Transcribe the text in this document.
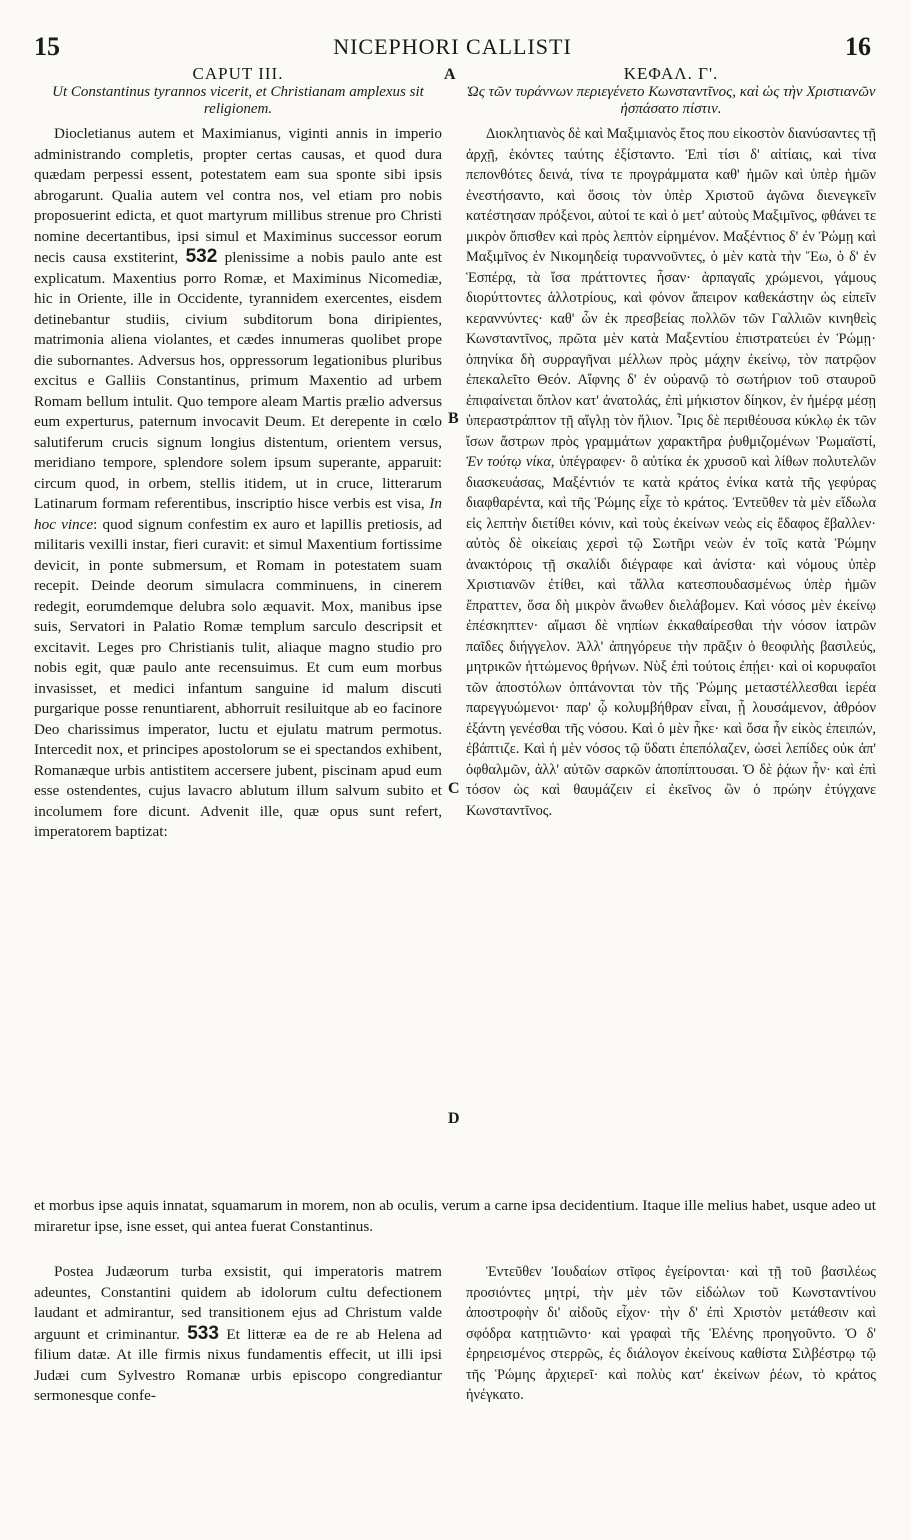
15	NICEPHORI CALLISTI	16
A
B
C
D

CAPUT III.

Ut Constantinus tyrannos vicerit, et Christianam amplexus sit religionem.

Diocletianus autem et Maximianus, viginti annis in imperio administrando completis, propter certas causas, et quod dura quædam perpessi essent, potestatem eam sua sponte sibi ipsis abrogarunt. Qualia autem vel contra nos, vel etiam pro nobis proposuerint edicta, et quot martyrum millibus strenue pro Christi nomine decertantibus, ipsi simul et Maximinus successor eorum necis causa exstiterint, 532 plenissime a nobis paulo ante est explicatum. Maxentius porro Romæ, et Maximinus Nicomediæ, hic in Oriente, ille in Occidente, tyrannidem exercentes, eisdem detinebantur studiis, civium subditorum bona diripientes, matrimonia aliena violantes, et cædes innumeras quolibet prope die subornantes. Adversus hos, oppressorum legationibus pluribus excitus e Galliis Constantinus, primum Maxentio ad urbem Romam bellum intulit. Quo tempore aleam Martis prælio adversus eum experturus, paternum invocavit Deum. Et derepente in cœlo salutiferum crucis signum longius distentum, orientem versus, meridiano tempore, splendore solem ipsum superante, apparuit: circum quod, in orbem, stellis itidem, ut in cruce, litterarum Latinarum formam referentibus, inscriptio hisce verbis est visa, In hoc vince: quod signum confestim ex auro et lapillis pretiosis, ad militaris vexilli instar, fieri curavit: et simul Maxentium fortissime devicit, in ponte submersum, et Romam in potestatem suam recepit. Deinde deorum simulacra comminuens, in cinerem redegit, eorumdemque delubra solo æquavit. Mox, manibus ipse suis, Servatori in Palatio Romæ templum sarculo descripsit et excitavit. Leges pro Christianis tulit, aliaque magno studio pro nobis egit, quæ paulo ante recensuimus. Et cum eum morbus invasisset, et medici infantum sanguine id malum discuti purgarique posse renuntiarent, abhorruit resiluitque ab eo facinore Deo charissimus imperator, luctu et ejulatu matrum permotus. Intercedit nox, et principes apostolorum se ei spectandos exhibent, Romanæque urbis antistitem accersere jubent, piscinam apud eum esse ostendentes, cujus lavacro ablutum illum salvum subito et incolumem fore dicunt. Advenit ille, quæ opus sunt refert, imperatorem baptizat:

ΚΕΦΑΛ. Γ'.

Ὡς τῶν τυράννων περιεγένετο Κωνσταντῖνος, καὶ ὡς τὴν Χριστιανῶν ἠσπάσατο πίστιν.

Διοκλητιανὸς δὲ καὶ Μαξιμιανὸς ἔτος που εἰκοστὸν διανύσαντες τῇ ἀρχῇ, ἑκόντες ταύτης ἐξίσταντο. Ἐπὶ τίσι δ' αἰτίαις, καὶ τίνα πεπονθότες δεινά, τίνα τε προγράμματα καθ' ἡμῶν καὶ ὑπὲρ ἡμῶν ἐνεστήσαντο, καὶ ὅσοις τὸν ὑπὲρ Χριστοῦ ἀγῶνα διενεγκεῖν κατέστησαν πρόξενοι, αὐτοί τε καὶ ὁ μετ' αὐτοὺς Μαξιμῖνος, φθάνει τε μικρὸν ὄπισθεν καὶ πρὸς λεπτὸν εἰρημένον. Μαξέντιος δ' ἐν Ῥώμῃ καὶ Μαξιμῖνος ἐν Νικομηδείᾳ τυραννοῦντες, ὁ μὲν κατὰ τὴν Ἕω, ὁ δ' ἐν Ἑσπέρᾳ, τὰ ἴσα πράττοντες ἦσαν· ἁρπαγαῖς χρώμενοι, γάμους διορύττοντες ἀλλοτρίους, καὶ φόνον ἄπειρον καθεκάστην ὡς εἰπεῖν κεραννύντες· καθ' ὧν ἐκ πρεσβείας πολλῶν τῶν Γαλλιῶν κινηθεὶς Κωνσταντῖνος, πρῶτα μὲν κατὰ Μαξεντίου ἐπιστρατεύει ἐν Ῥώμῃ· ὁπηνίκα δὴ συρραγῆναι μέλλων πρὸς μάχην ἐκείνῳ, τὸν πατρῷον ἐπεκαλεῖτο Θεόν. Αἴφνης δ' ἐν οὐρανῷ τὸ σωτήριον τοῦ σταυροῦ ἐπιφαίνεται ὅπλον κατ' ἀνατολάς, ἐπὶ μήκιστον δίηκον, ἐν ἡμέρᾳ μέσῃ ὑπεραστράπτον τῇ αἴγλῃ τὸν ἥλιον. Ἶρις δὲ περιθέουσα κύκλῳ ἐκ τῶν ἴσων ἄστρων πρὸς γραμμάτων χαρακτῆρα ῥυθμιζομένων Ῥωμαϊστί, Ἐν τούτῳ νίκα, ὑπέγραφεν· ὃ αὐτίκα ἐκ χρυσοῦ καὶ λίθων πολυτελῶν διασκευάσας, Μαξέντιόν τε κατὰ κράτος ἐνίκα κατὰ τῆς γεφύρας διαφθαρέντα, καὶ τῆς Ῥώμης εἶχε τὸ κράτος. Ἐντεῦθεν τὰ μὲν εἴδωλα εἰς λεπτὴν διετίθει κόνιν, καὶ τοὺς ἐκείνων νεὼς εἰς ἔδαφος ἔβαλλεν· αὐτὸς δὲ οἰκείαις χερσὶ τῷ Σωτῆρι νεὼν ἐν τοῖς κατὰ Ῥώμην ἀνακτόροις τῇ σκαλίδι διέγραφε καὶ ἀνίστα· καὶ νόμους ὑπὲρ Χριστιανῶν ἐτίθει, καὶ τἄλλα κατεσπουδασμένως ὑπὲρ ἡμῶν ἔπραττεν, ὅσα δὴ μικρὸν ἄνωθεν διελάβομεν. Καὶ νόσος μὲν ἐκείνῳ ἐπέσκηπτεν· αἵμασι δὲ νηπίων ἐκκαθαίρεσθαι τὴν νόσον ἰατρῶν παῖδες διήγγελον. Ἀλλ' ἀπηγόρευε τὴν πρᾶξιν ὁ θεοφιλὴς βασιλεύς, μητρικῶν ἡττώμενος θρήνων. Νὺξ ἐπὶ τούτοις ἐπῄει· καὶ οἱ κορυφαῖοι τῶν ἀποστόλων ὀπτάνονται τὸν τῆς Ῥώμης μεταστέλλεσθαι ἱερέα παρεγγυώμενοι· παρ' ᾧ κολυμβήθραν εἶναι, ᾗ λουσάμενον, ἀθρόον ἐξάντη γενέσθαι τῆς νόσου. Καὶ ὁ μὲν ἧκε· καὶ ὅσα ἦν εἰκὸς ἐπειπών, ἐβάπτιζε. Καὶ ἡ μὲν νόσος τῷ ὕδατι ἐπεπόλαζεν, ὡσεὶ λεπίδες οὐκ ἀπ' ὀφθαλμῶν, ἀλλ' αὐτῶν σαρκῶν ἀποπίπτουσαι. Ὁ δὲ ῥᾴων ἦν· καὶ ἐπὶ τόσον ὡς καὶ θαυμάζειν εἰ ἐκεῖνος ὢν ὁ πρώην ἐτύγχανε Κωνσταντῖνος.

et morbus ipse aquis innatat, squamarum in morem, non ab oculis, verum a carne ipsa decidentium. Itaque ille melius habet, usque adeo ut miraretur ipse, isne esset, qui antea fuerat Constantinus.

Postea Judæorum turba exsistit, qui imperatoris matrem adeuntes, Constantini quidem ab idolorum cultu defectionem laudant et admirantur, sed transitionem ejus ad Christum valde arguunt et criminantur. 533 Et litteræ ea de re ab Helena ad filium datæ. At ille firmis nixus fundamentis effecit, ut illi ipsi Judæi cum Sylvestro Romanæ urbis episcopo congrediantur sermonesque confe-

Ἐντεῦθεν Ἰουδαίων στῖφος ἐγείρονται· καὶ τῇ τοῦ βασιλέως προσιόντες μητρί, τὴν μὲν τῶν εἰδώλων τοῦ Κωνσταντίνου ἀποστροφὴν δι' αἰδοῦς εἶχον· τὴν δ' ἐπὶ Χριστὸν μετάθεσιν καὶ σφόδρα κατῃτιῶντο· καὶ γραφαὶ τῆς Ἑλένης προηγοῦντο. Ὁ δ' ἐρηρεισμένος στερρῶς, ἐς διάλογον ἐκείνους καθίστα Σιλβέστρῳ τῷ τῆς Ῥώμης ἀρχιερεῖ· καὶ πολὺς κατ' ἐκείνων ῥέων, τὸ κράτος ἠνέγκατο.
